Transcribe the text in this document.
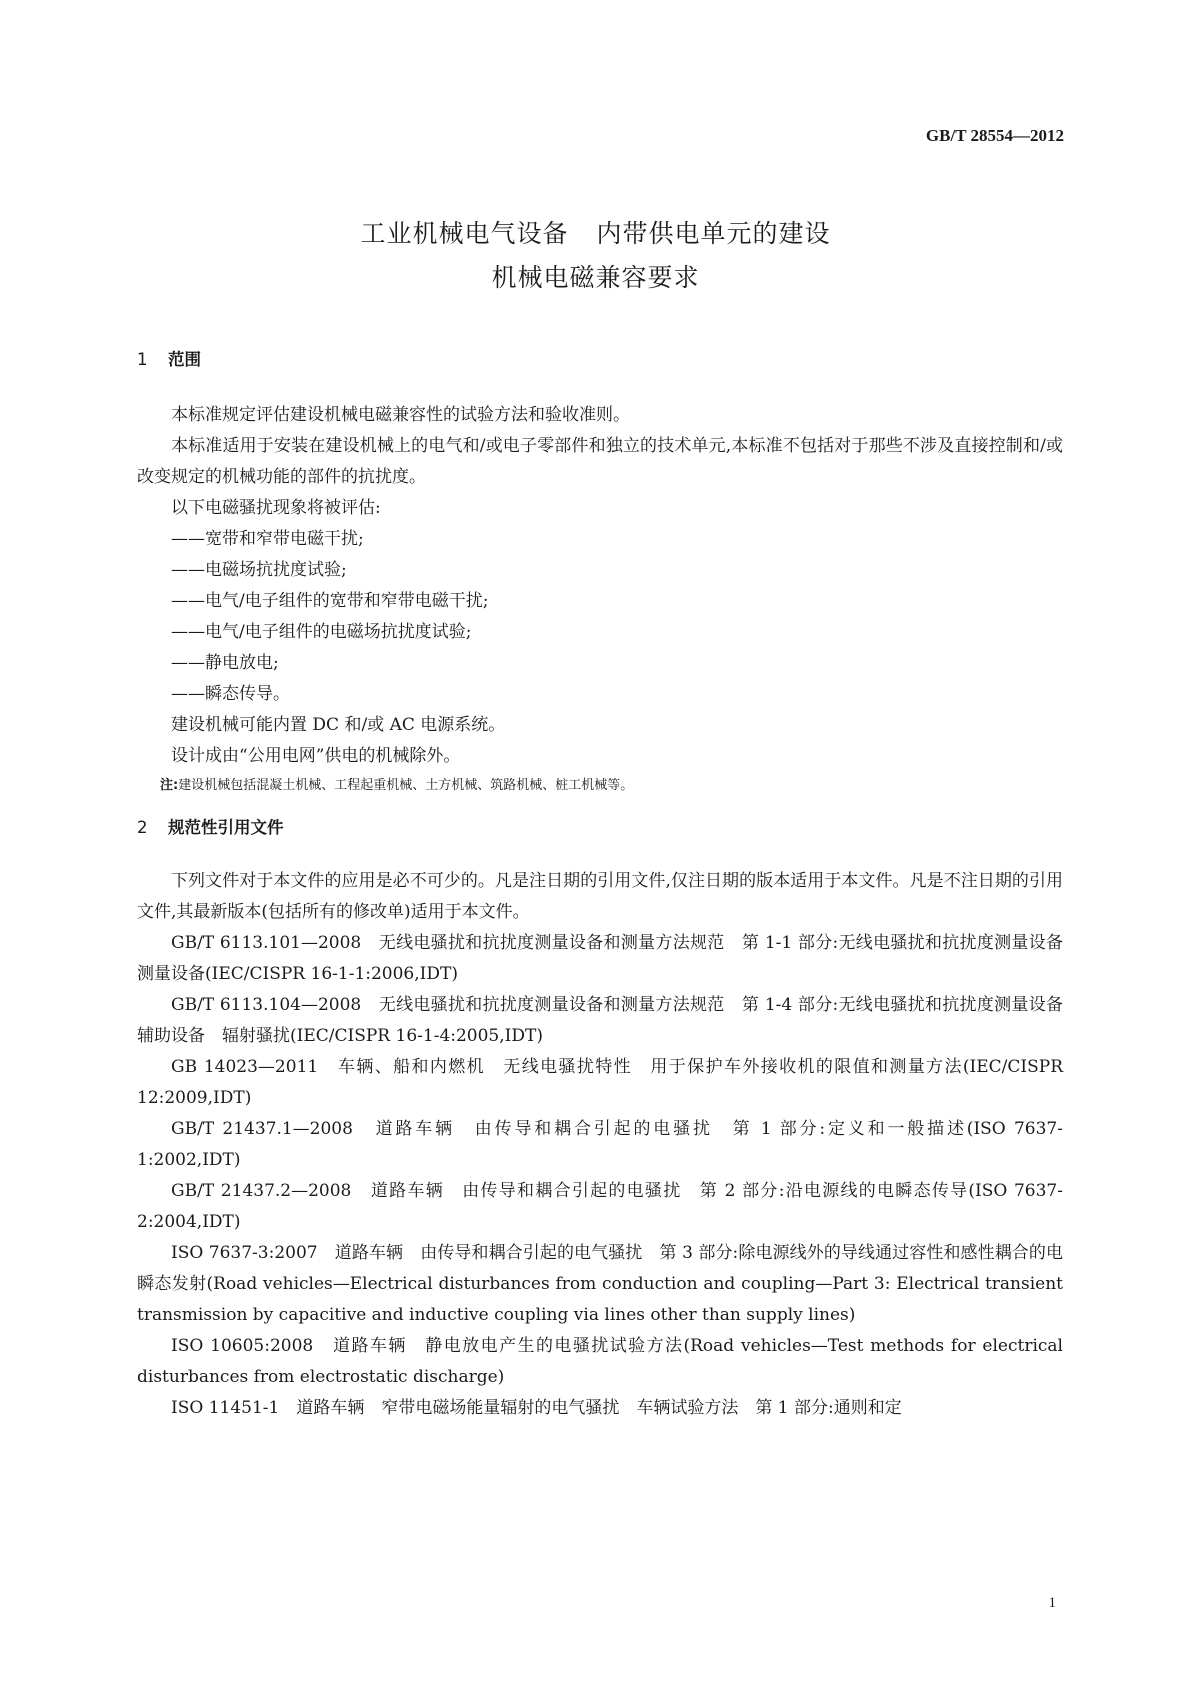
GB/T 28554—2012
工业机械电气设备 内带供电单元的建设
机械电磁兼容要求
1 范围

本标准规定评估建设机械电磁兼容性的试验方法和验收准则。

本标准适用于安装在建设机械上的电气和/或电子零部件和独立的技术单元,本标准不包括对于那些不涉及直接控制和/或改变规定的机械功能的部件的抗扰度。

以下电磁骚扰现象将被评估:

——宽带和窄带电磁干扰;

——电磁场抗扰度试验;

——电气/电子组件的宽带和窄带电磁干扰;

——电气/电子组件的电磁场抗扰度试验;

——静电放电;

——瞬态传导。

建设机械可能内置 DC 和/或 AC 电源系统。

设计成由“公用电网”供电的机械除外。

注:建设机械包括混凝土机械、工程起重机械、土方机械、筑路机械、桩工机械等。

2 规范性引用文件

下列文件对于本文件的应用是必不可少的。凡是注日期的引用文件,仅注日期的版本适用于本文件。凡是不注日期的引用文件,其最新版本(包括所有的修改单)适用于本文件。

GB/T 6113.101—2008　无线电骚扰和抗扰度测量设备和测量方法规范　第 1-1 部分:无线电骚扰和抗扰度测量设备　测量设备(IEC/CISPR 16-1-1:2006,IDT)

GB/T 6113.104—2008　无线电骚扰和抗扰度测量设备和测量方法规范　第 1-4 部分:无线电骚扰和抗扰度测量设备　辅助设备　辐射骚扰(IEC/CISPR 16-1-4:2005,IDT)

GB 14023—2011　车辆、船和内燃机　无线电骚扰特性　用于保护车外接收机的限值和测量方法(IEC/CISPR 12:2009,IDT)

GB/T 21437.1—2008　道路车辆　由传导和耦合引起的电骚扰　第 1 部分:定义和一般描述(ISO 7637-1:2002,IDT)

GB/T 21437.2—2008　道路车辆　由传导和耦合引起的电骚扰　第 2 部分:沿电源线的电瞬态传导(ISO 7637-2:2004,IDT)

ISO 7637-3:2007　道路车辆　由传导和耦合引起的电气骚扰　第 3 部分:除电源线外的导线通过容性和感性耦合的电瞬态发射(Road vehicles—Electrical disturbances from conduction and coupling—Part 3: Electrical transient transmission by capacitive and inductive coupling via lines other than supply lines)

ISO 10605:2008　道路车辆　静电放电产生的电骚扰试验方法(Road vehicles—Test methods for electrical disturbances from electrostatic discharge)

ISO 11451-1　道路车辆　窄带电磁场能量辐射的电气骚扰　车辆试验方法　第 1 部分:通则和定

1
